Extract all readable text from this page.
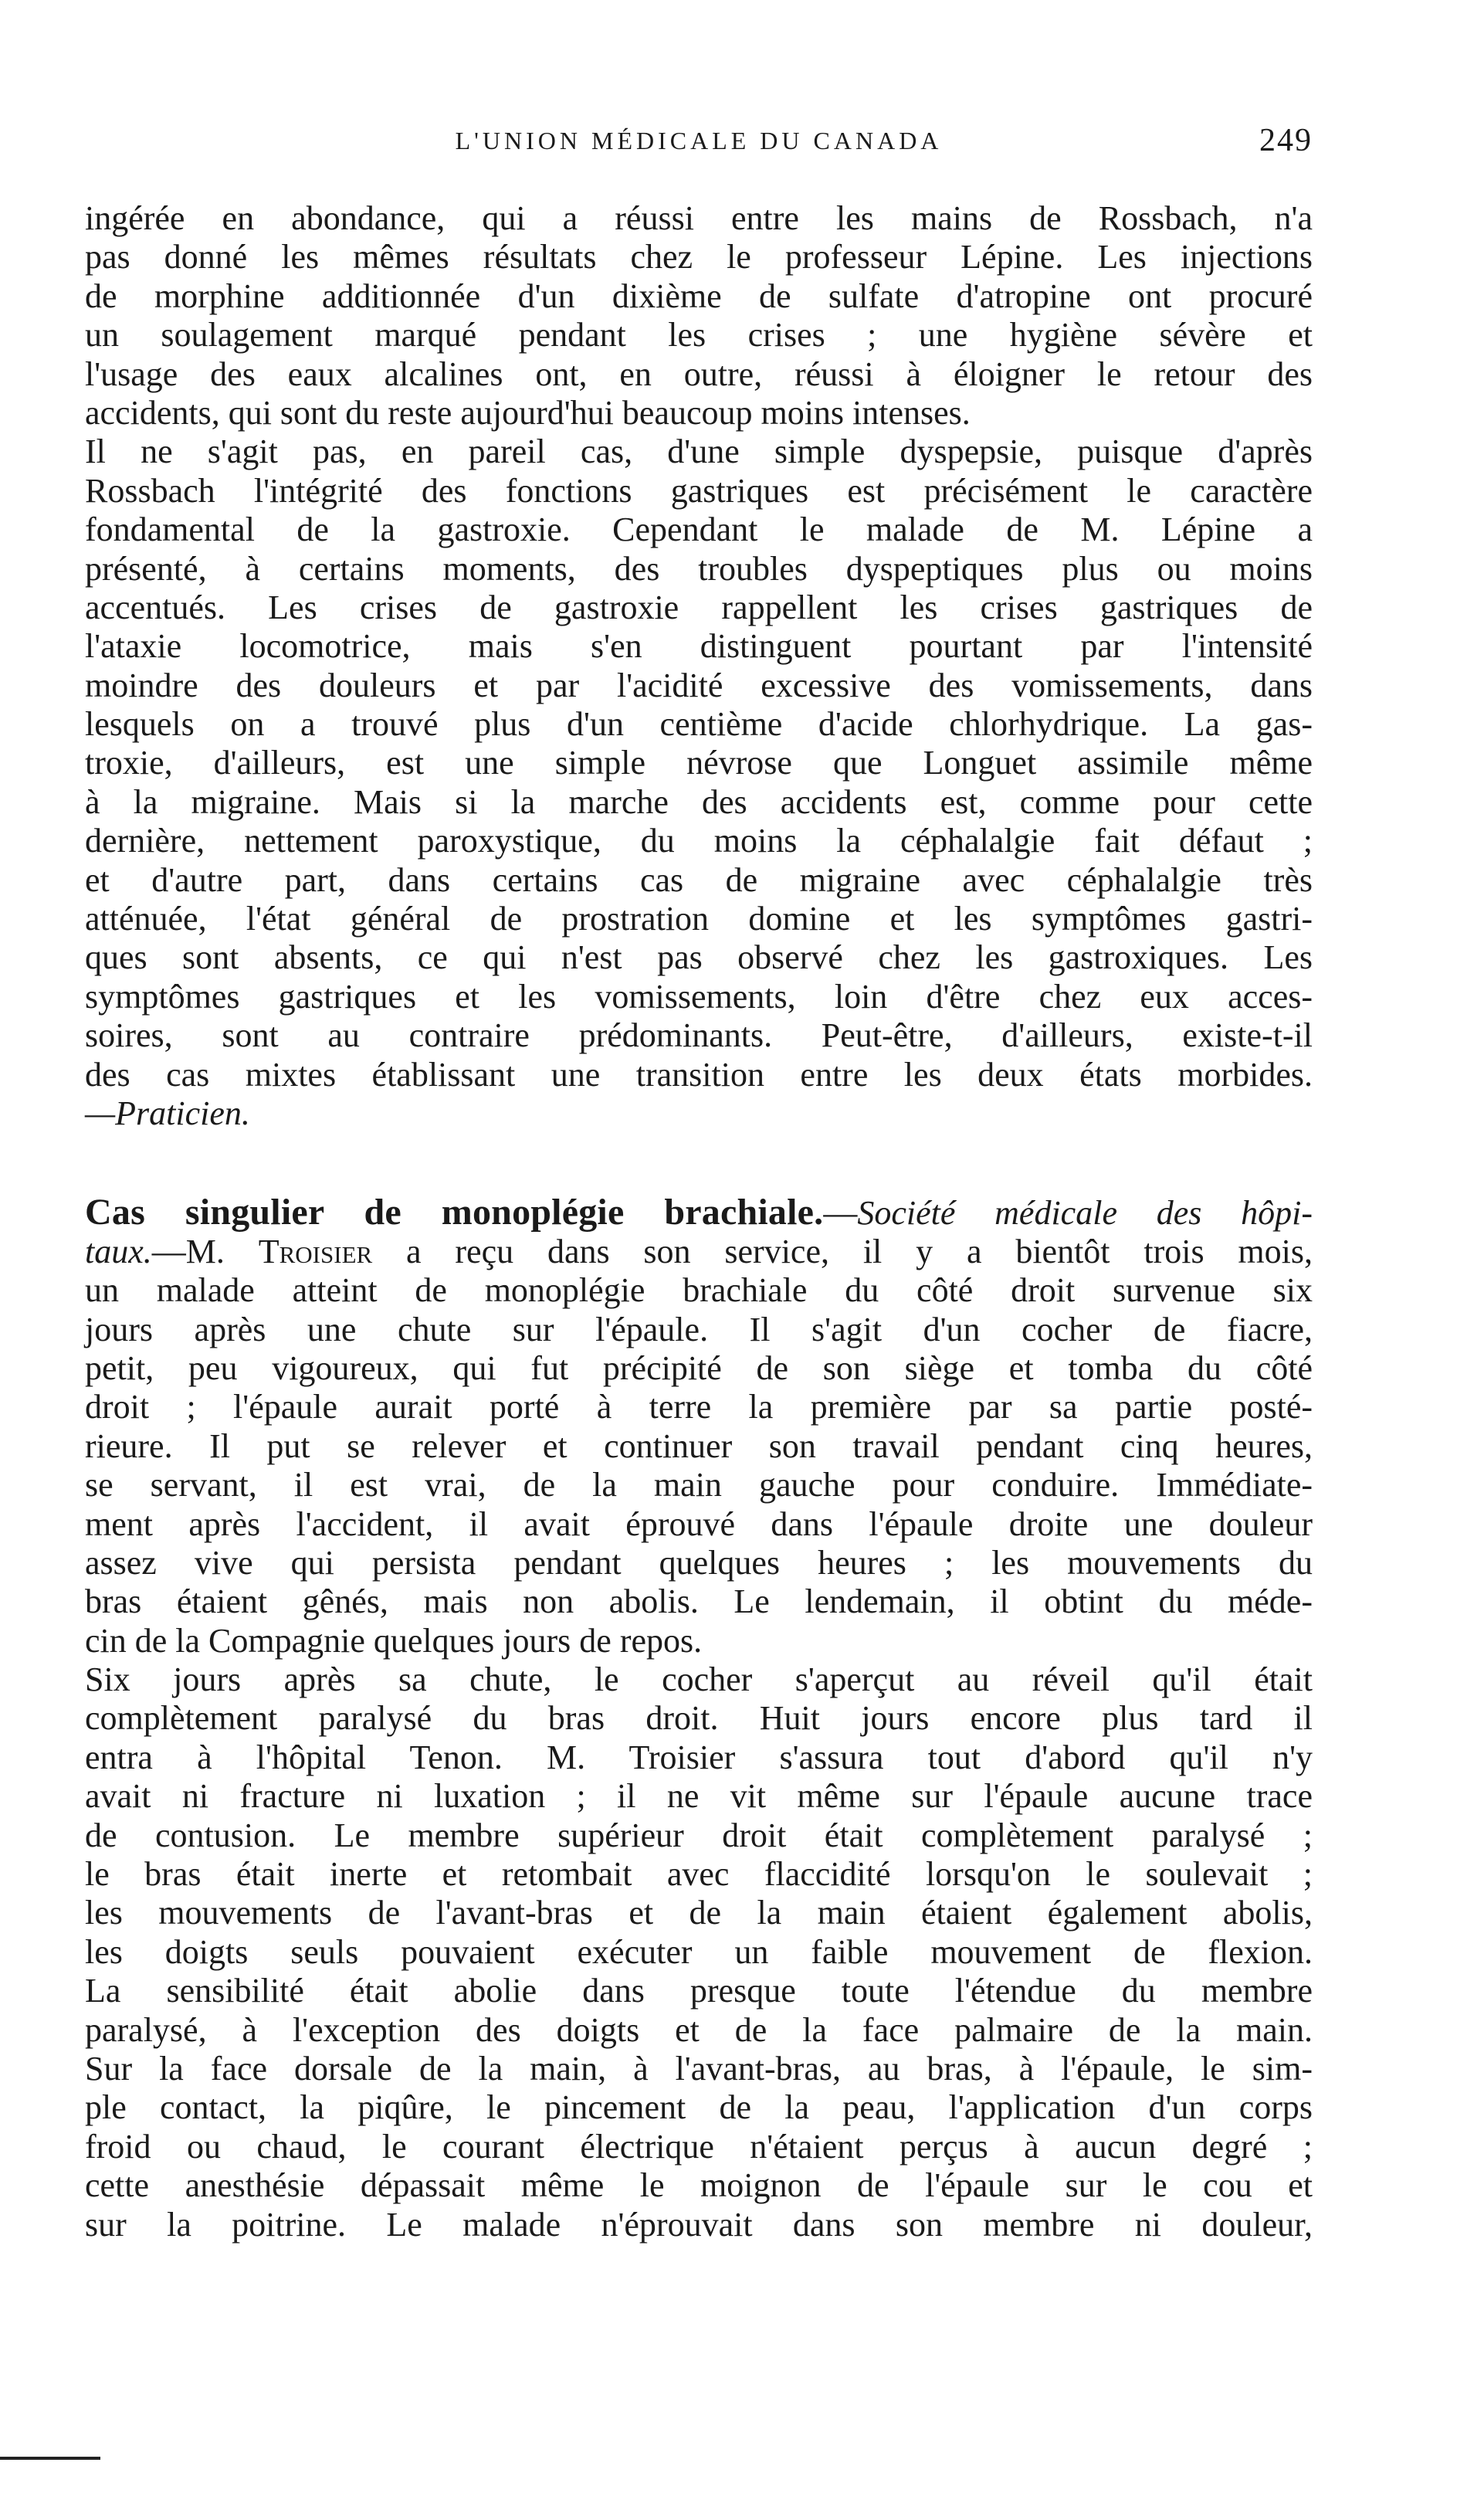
L'UNION MÉDICALE DU CANADA	249
ingérée en abondance, qui a réussi entre les mains de Rossbach, n'a
pas donné les mêmes résultats chez le professeur Lépine. Les injections
de morphine additionnée d'un dixième de sulfate d'atropine ont procuré
un soulagement marqué pendant les crises ; une hygiène sévère et
l'usage des eaux alcalines ont, en outre, réussi à éloigner le retour des
accidents, qui sont du reste aujourd'hui beaucoup moins intenses.
Il ne s'agit pas, en pareil cas, d'une simple dyspepsie, puisque d'après
Rossbach l'intégrité des fonctions gastriques est précisément le caractère
fondamental de la gastroxie. Cependant le malade de M. Lépine a
présenté, à certains moments, des troubles dyspeptiques plus ou moins
accentués. Les crises de gastroxie rappellent les crises gastriques de
l'ataxie locomotrice, mais s'en distinguent pourtant par l'intensité
moindre des douleurs et par l'acidité excessive des vomissements, dans
lesquels on a trouvé plus d'un centième d'acide chlorhydrique. La gas-
troxie, d'ailleurs, est une simple névrose que Longuet assimile même
à la migraine. Mais si la marche des accidents est, comme pour cette
dernière, nettement paroxystique, du moins la céphalalgie fait défaut ;
et d'autre part, dans certains cas de migraine avec céphalalgie très
atténuée, l'état général de prostration domine et les symptômes gastri-
ques sont absents, ce qui n'est pas observé chez les gastroxiques. Les
symptômes gastriques et les vomissements, loin d'être chez eux acces-
soires, sont au contraire prédominants. Peut-être, d'ailleurs, existe-t-il
des cas mixtes établissant une transition entre les deux états morbides.
—Praticien.
Cas singulier de monoplégie brachiale.—Société médicale des hôpi-
taux.—M. Troisier a reçu dans son service, il y a bientôt trois mois,
un malade atteint de monoplégie brachiale du côté droit survenue six
jours après une chute sur l'épaule. Il s'agit d'un cocher de fiacre,
petit, peu vigoureux, qui fut précipité de son siège et tomba du côté
droit ; l'épaule aurait porté à terre la première par sa partie posté-
rieure. Il put se relever et continuer son travail pendant cinq heures,
se servant, il est vrai, de la main gauche pour conduire. Immédiate-
ment après l'accident, il avait éprouvé dans l'épaule droite une douleur
assez vive qui persista pendant quelques heures ; les mouvements du
bras étaient gênés, mais non abolis. Le lendemain, il obtint du méde-
cin de la Compagnie quelques jours de repos.
Six jours après sa chute, le cocher s'aperçut au réveil qu'il était
complètement paralysé du bras droit. Huit jours encore plus tard il
entra à l'hôpital Tenon. M. Troisier s'assura tout d'abord qu'il n'y
avait ni fracture ni luxation ; il ne vit même sur l'épaule aucune trace
de contusion. Le membre supérieur droit était complètement paralysé ;
le bras était inerte et retombait avec flaccidité lorsqu'on le soulevait ;
les mouvements de l'avant-bras et de la main étaient également abolis,
les doigts seuls pouvaient exécuter un faible mouvement de flexion.
La sensibilité était abolie dans presque toute l'étendue du membre
paralysé, à l'exception des doigts et de la face palmaire de la main.
Sur la face dorsale de la main, à l'avant-bras, au bras, à l'épaule, le sim-
ple contact, la piqûre, le pincement de la peau, l'application d'un corps
froid ou chaud, le courant électrique n'étaient perçus à aucun degré ;
cette anesthésie dépassait même le moignon de l'épaule sur le cou et
sur la poitrine. Le malade n'éprouvait dans son membre ni douleur,
